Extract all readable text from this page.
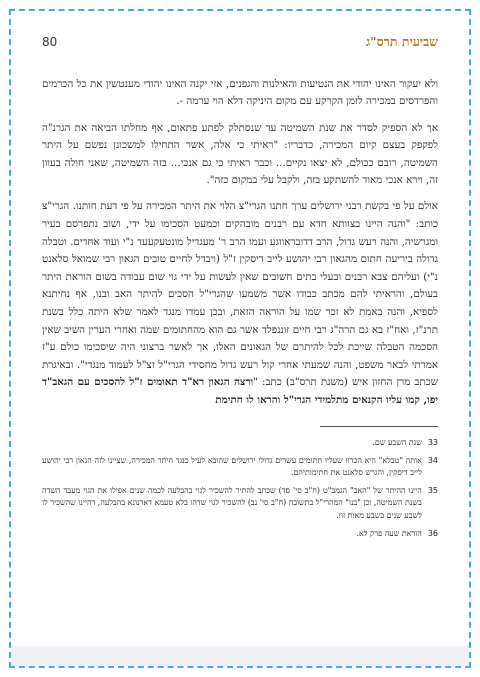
שביעית תרס"ג
80

ולא יעקור האינו יהודי את הנטיעות והאילנות והגפנים, אזי יקנה האינו יהודי מענטשין את כל הכרמים והפרדסים במכירה לזמן הקרקע עם מקום היניקה דלא הוי ערמה -.

אך לא הספיק לסדר את שנת השמיטה עד שנסתלק לפתע פתאום, אף מחלתו הביאה את הגרנ"ה לפקפק בעצם קיום המכירה, כדבריו: "ראיתי כי אלה, אשר התחילו למשכונן נפשם על היתר השמיטה, רובם ככולם, לא יצאו נקיים... וכבר ראיתי כי גם אנכי... בזה השמיטה, שאני חולה בעוון זה, וירא אנכי מאוד להשתקע בזה, ולקבל עלי במקום כזה".

אולם על פי בקשת רבני ירושלים ערך חתנו הגרי"צ הלוי את היתר המכירה על פי דעת חותנו. הגרי"צ כותב: "והנה היינו בצוותא חדא עם רבנים מובהקים וכמעט הסכימו על ידי, ושוב נתפרסם בעיר ומגרשיה, והנה רעש גדול, הרב דדובראווגע ועמו הרב ר' מעגדיל מונטעקעעד נ"י ועוד אחדים. וטבלה גדולה ביריעה חתום מהגאון רבי יהושע לייב דיסקין ז"ל (ויבדל לחיים טובים הגאון רבי שמואל סלאנט נ"י) ועליהם צבא רבנים ובעלי בתים חשובים שאין לעשות על ידי גוי שום עבודה בשום הוראת היתר בעולם, והראיתי להם מכתב כבודו אשר משמעו שהגרי"ל הסכים להיתר האב ובנו, אף נחיתנא לספיא, והנה באמת לא זכר שמו על הוראה הזאת, ובכן עמדו מנגד לאמר שלא היתה כלל בשנת תרנ"ז, ואח"ז בא גם הרה"ג רבי חיים זוננפלד אשר גם הוא מהחתומים שמה ואחרי הערין השיב שאין הסכמה הטבלה שייכת לכל להיתרם של הגאונים האלו, אך לאשר ברצוני היה שיסכימו כולם ע"ז אמרתי לבאר משפט, והנה שמעתי אחרי קול רעש גדול מחסידי הגרי"ל זצ"ל לעמוד מנגדי". ובאיגרת שכתב מרן החזון איש (משנת תרס"ב) כתב: "ורצה הגאון רא"ד תאומים ז"ל להסכים עם הגאב"ד יפו, קמו עליו הקנאים מתלמידי הגרי"ל והראו לו חתימת

33
שנת השבע שם.
34
אותה "טבלא" היא הכרוז שעליו חתומים עשרים גדולי ירושלים שהובא לעיל כנגד היתר המכירה, שציינו לזה הגאון רבי יהושע לייב דיסקין, והגרש סלאנט את חתימותיהם.
35
היינו ההיתר של "האב" הגמב"ט (ח"ב סי' סד) שכתב להתיר להשכיר לגוי בהבלעה לכמה שנים אפילו את הגוי מעבד השדה בשנת השמיטה, וכן "בנו" המהרי"ל בתשובה (ח"ב סי' נב) להשכיר לגוי שדהו בלא טעמא דארנונא בהבלעה, דהיינו שהשכיר לו לשבע שנים בשבע מאות זוז.
36
הוראת שעה פרק לא.
